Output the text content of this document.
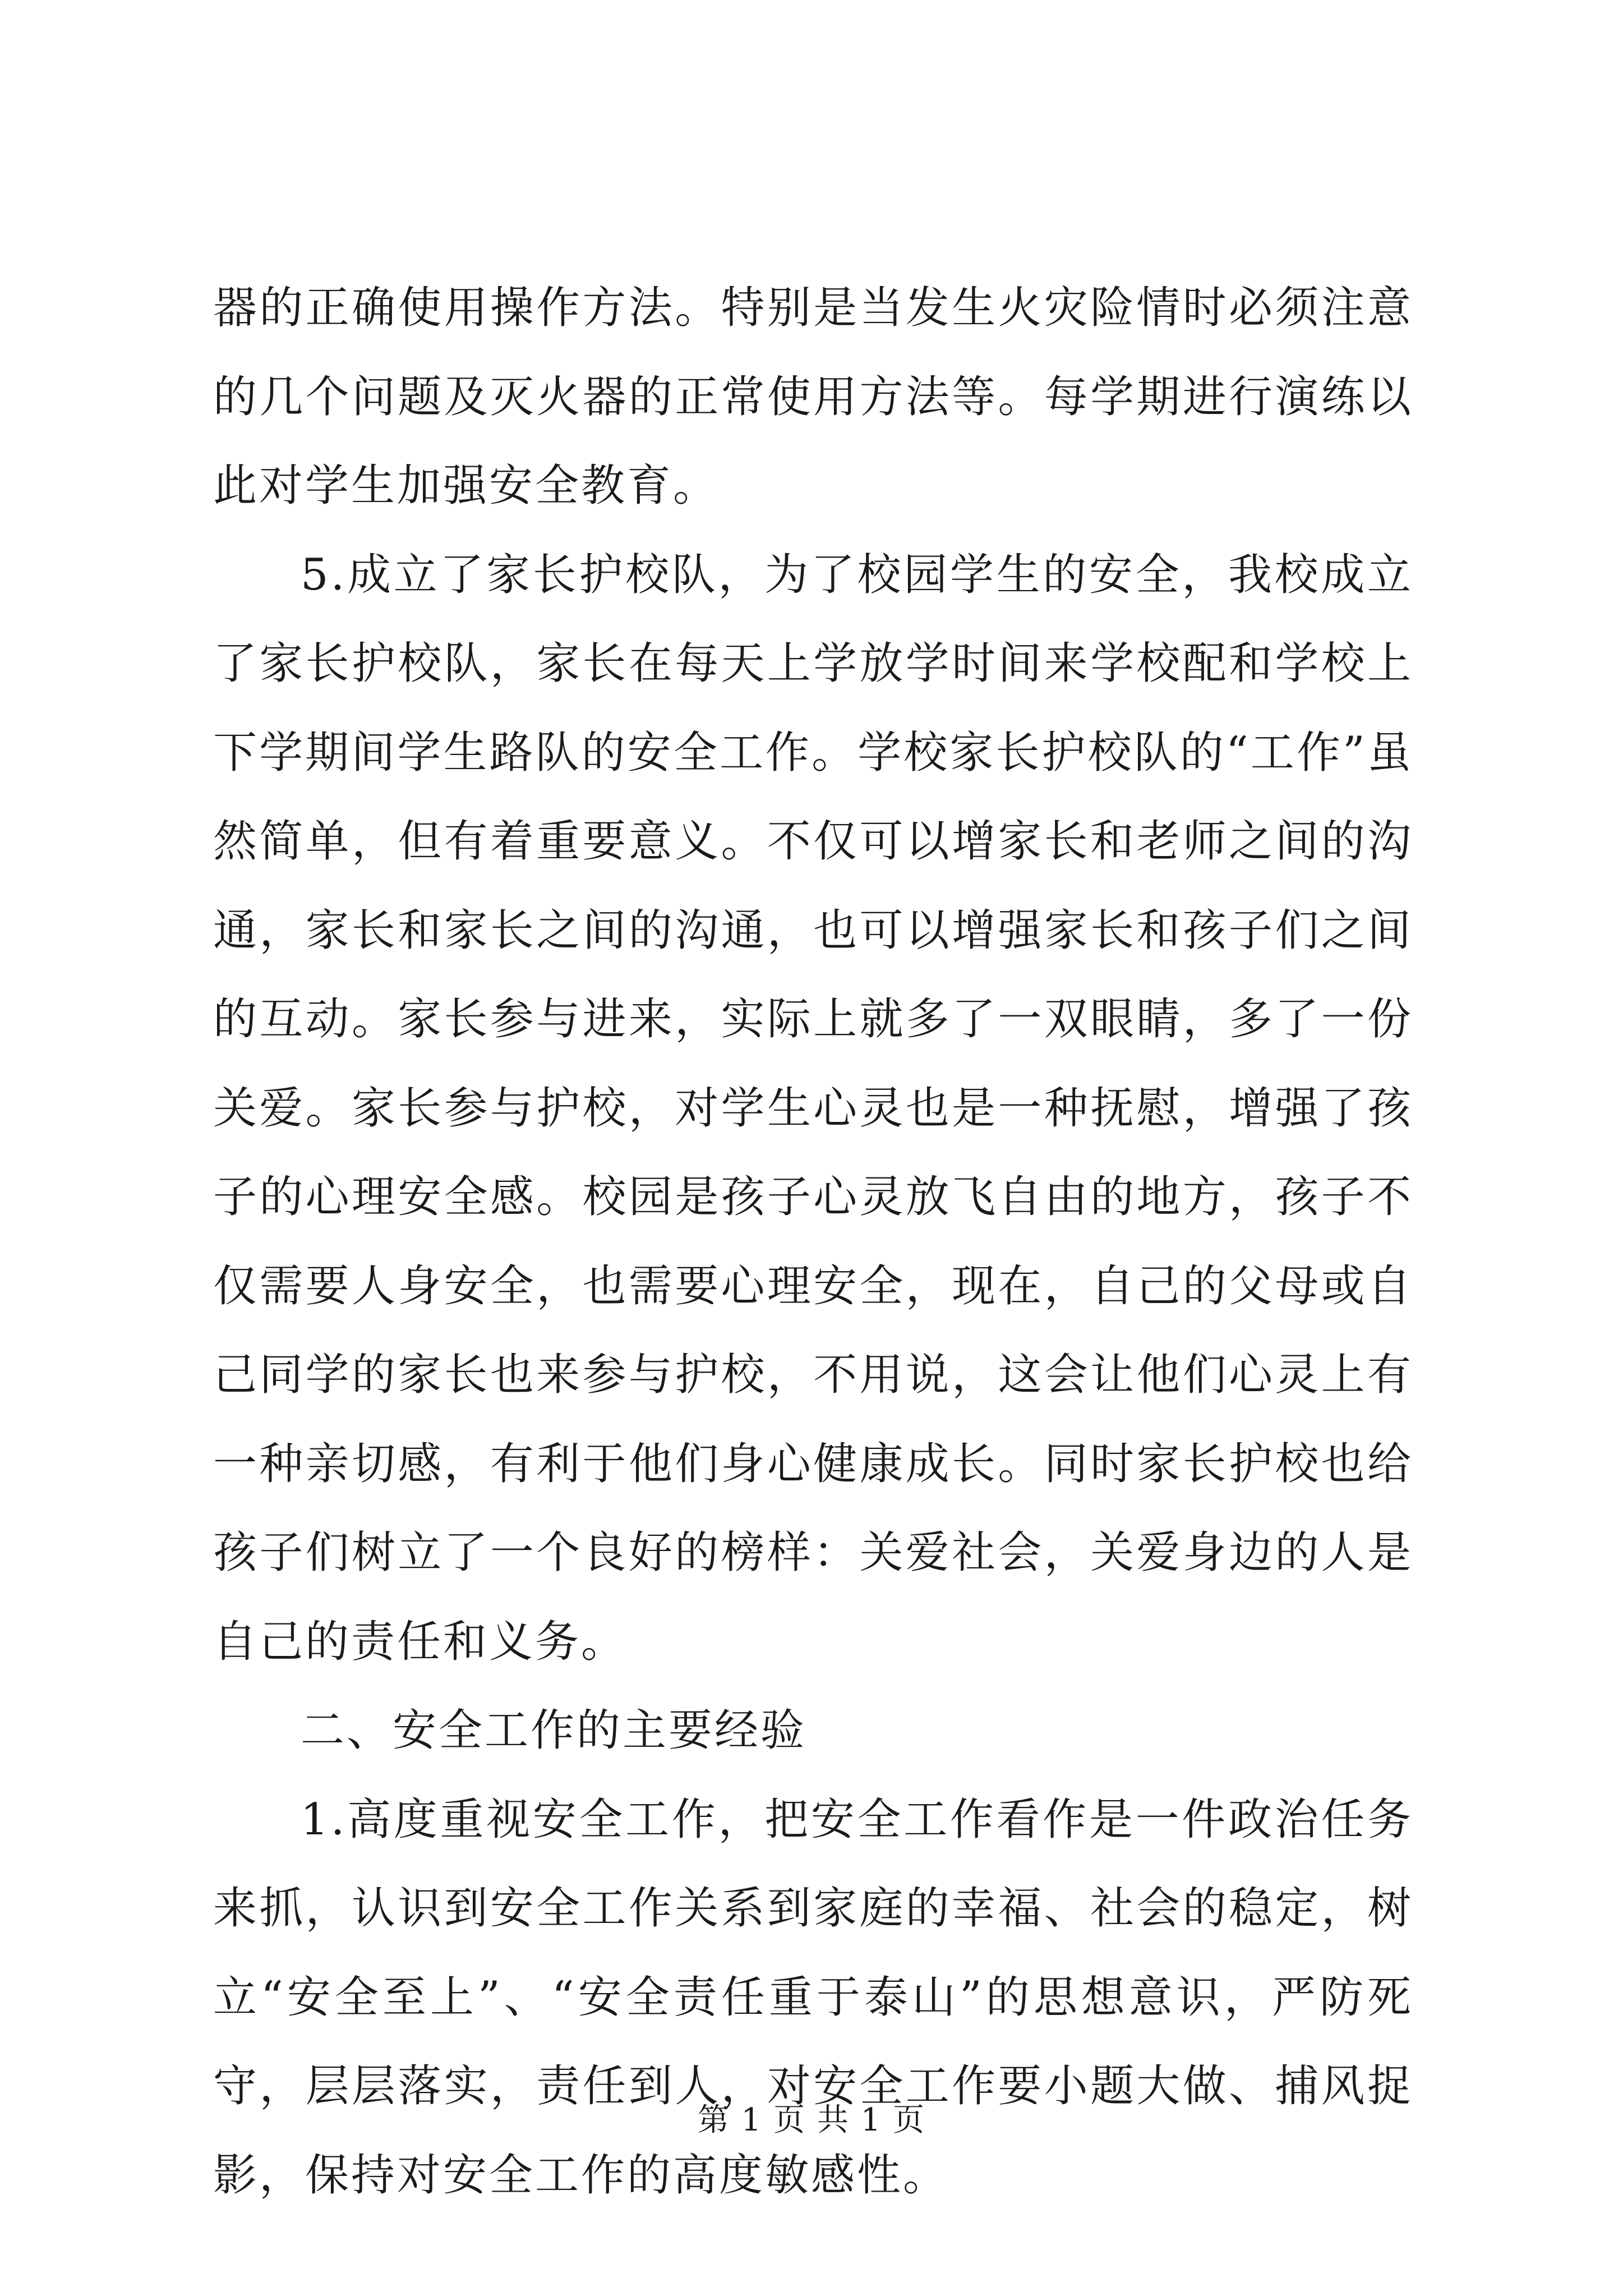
器的正确使用操作方法。特别是当发生火灾险情时必须注意的几个问题及灭火器的正常使用方法等。每学期进行演练以此对学生加强安全教育。

5.成立了家长护校队，为了校园学生的安全，我校成立了家长护校队，家长在每天上学放学时间来学校配和学校上下学期间学生路队的安全工作。学校家长护校队的“工作”虽然简单，但有着重要意义。不仅可以增家长和老师之间的沟通，家长和家长之间的沟通，也可以增强家长和孩子们之间的互动。家长参与进来，实际上就多了一双眼睛，多了一份关爱。家长参与护校，对学生心灵也是一种抚慰，增强了孩子的心理安全感。校园是孩子心灵放飞自由的地方，孩子不仅需要人身安全，也需要心理安全，现在，自己的父母或自己同学的家长也来参与护校，不用说，这会让他们心灵上有一种亲切感，有利于他们身心健康成长。同时家长护校也给孩子们树立了一个良好的榜样：关爱社会，关爱身边的人是自己的责任和义务。

二、安全工作的主要经验

1.高度重视安全工作，把安全工作看作是一件政治任务来抓，认识到安全工作关系到家庭的幸福、社会的稳定，树立“安全至上”、“安全责任重于泰山”的思想意识，严防死守，层层落实，责任到人，对安全工作要小题大做、捕风捉影，保持对安全工作的高度敏感性。

第 1 页 共 1 页
